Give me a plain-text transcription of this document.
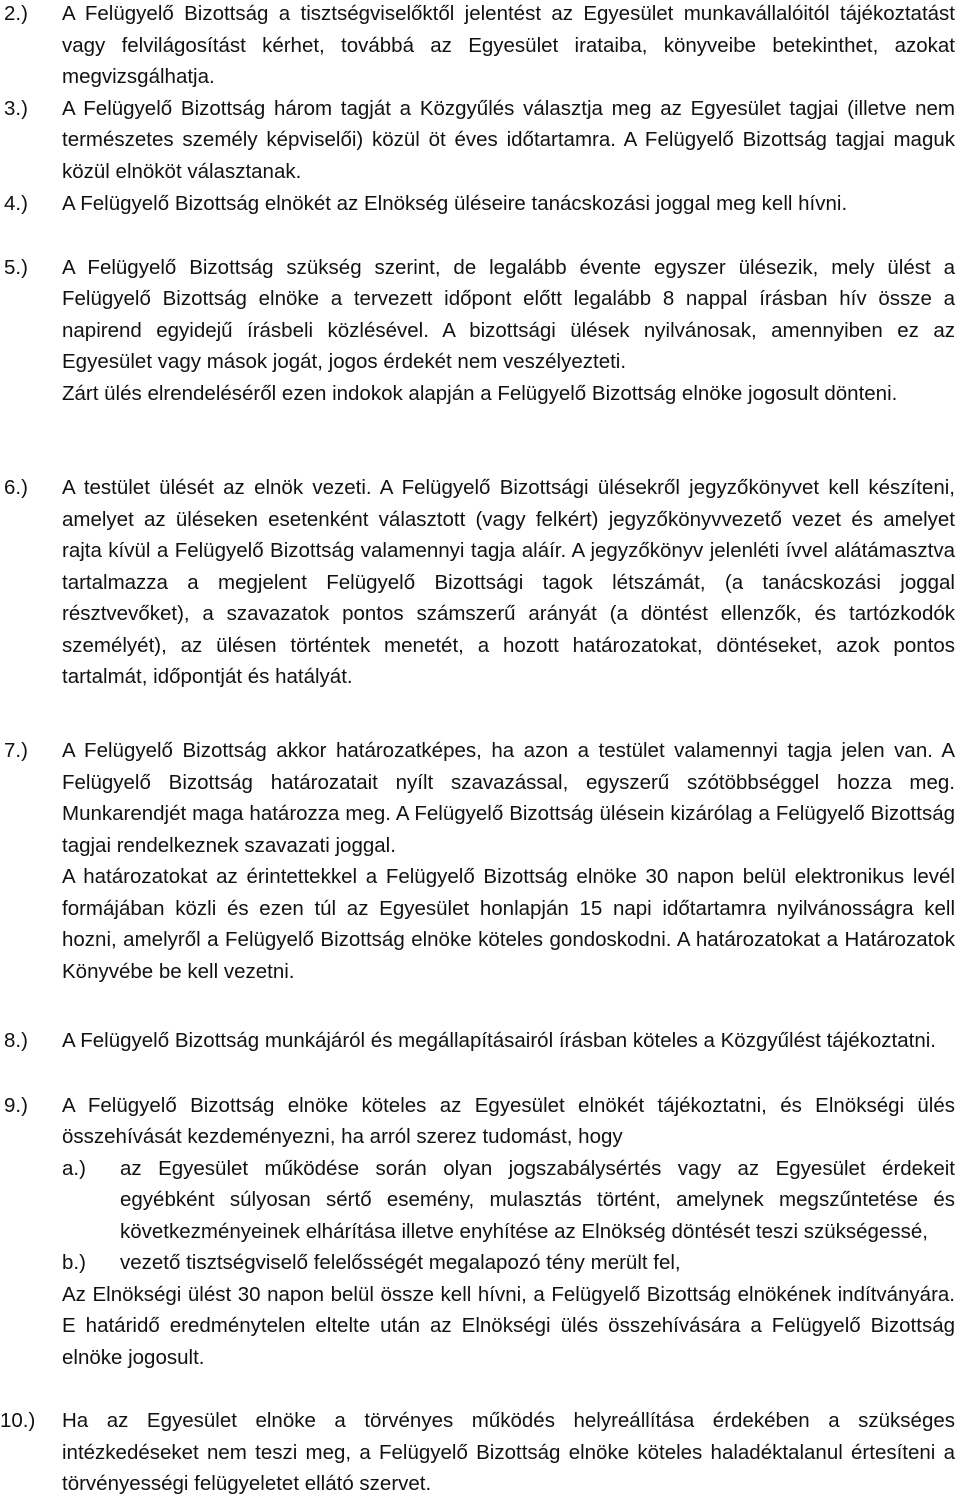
2.)	A Felügyelő Bizottság a tisztségviselőktől jelentést az Egyesület munkavállalóitól tájékoztatást vagy felvilágosítást kérhet, továbbá az Egyesület irataiba, könyveibe betekinthet, azokat megvizsgálhatja.

3.)	A Felügyelő Bizottság három tagját a Közgyűlés választja meg az Egyesület tagjai (illetve nem természetes személy képviselői) közül öt éves időtartamra. A Felügyelő Bizottság tagjai maguk közül elnököt választanak.

4.)	A Felügyelő Bizottság elnökét az Elnökség üléseire tanácskozási joggal meg kell hívni.

5.)	A Felügyelő Bizottság szükség szerint, de legalább évente egyszer ülésezik, mely ülést a Felügyelő Bizottság elnöke a tervezett időpont előtt legalább 8 nappal írásban hív össze a napirend egyidejű írásbeli közlésével. A bizottsági ülések nyilvánosak, amennyiben ez az Egyesület vagy mások jogát, jogos érdekét nem veszélyezteti.

Zárt ülés elrendeléséről ezen indokok alapján a Felügyelő Bizottság elnöke jogosult dönteni.

6.)	A testület ülését az elnök vezeti. A Felügyelő Bizottsági ülésekről jegyzőkönyvet kell készíteni, amelyet az üléseken esetenként választott (vagy felkért) jegyzőkönyvvezető vezet és amelyet rajta kívül a Felügyelő Bizottság valamennyi tagja aláír. A jegyzőkönyv jelenléti ívvel alátámasztva tartalmazza a megjelent Felügyelő Bizottsági tagok létszámát, (a tanácskozási joggal résztvevőket), a szavazatok pontos számszerű arányát (a döntést ellenzők, és tartózkodók személyét), az ülésen történtek menetét, a hozott határozatokat, döntéseket, azok pontos tartalmát, időpontját és hatályát.

7.)	A Felügyelő Bizottság akkor határozatképes, ha azon a testület valamennyi tagja jelen van. A Felügyelő Bizottság határozatait nyílt szavazással, egyszerű szótöbbséggel hozza meg. Munkarendjét maga határozza meg. A Felügyelő Bizottság ülésein kizárólag a Felügyelő Bizottság tagjai rendelkeznek szavazati joggal.

A határozatokat az érintettekkel a Felügyelő Bizottság elnöke 30 napon belül elektronikus levél formájában közli és ezen túl az Egyesület honlapján 15 napi időtartamra nyilvánosságra kell hozni, amelyről a Felügyelő Bizottság elnöke köteles gondoskodni. A határozatokat a Határozatok Könyvébe be kell vezetni.

8.)	A Felügyelő Bizottság munkájáról és megállapításairól írásban köteles a Közgyűlést tájékoztatni.

9.)	A Felügyelő Bizottság elnöke köteles az Egyesület elnökét tájékoztatni, és Elnökségi ülés összehívását kezdeményezni, ha arról szerez tudomást, hogy

a.)	az Egyesület működése során olyan jogszabálysértés vagy az Egyesület érdekeit egyébként súlyosan sértő esemény, mulasztás történt, amelynek megszűntetése és következményeinek elhárítása illetve enyhítése az Elnökség döntését teszi szükségessé,

b.)	vezető tisztségviselő felelősségét megalapozó tény merült fel,

Az Elnökségi ülést 30 napon belül össze kell hívni, a Felügyelő Bizottság elnökének indítványára. E határidő eredménytelen eltelte után az Elnökségi ülés összehívására a Felügyelő Bizottság elnöke jogosult.

10.)	Ha az Egyesület elnöke a törvényes működés helyreállítása érdekében a szükséges intézkedéseket nem teszi meg, a Felügyelő Bizottság elnöke köteles haladéktalanul értesíteni a törvényességi felügyeletet ellátó szervet.
